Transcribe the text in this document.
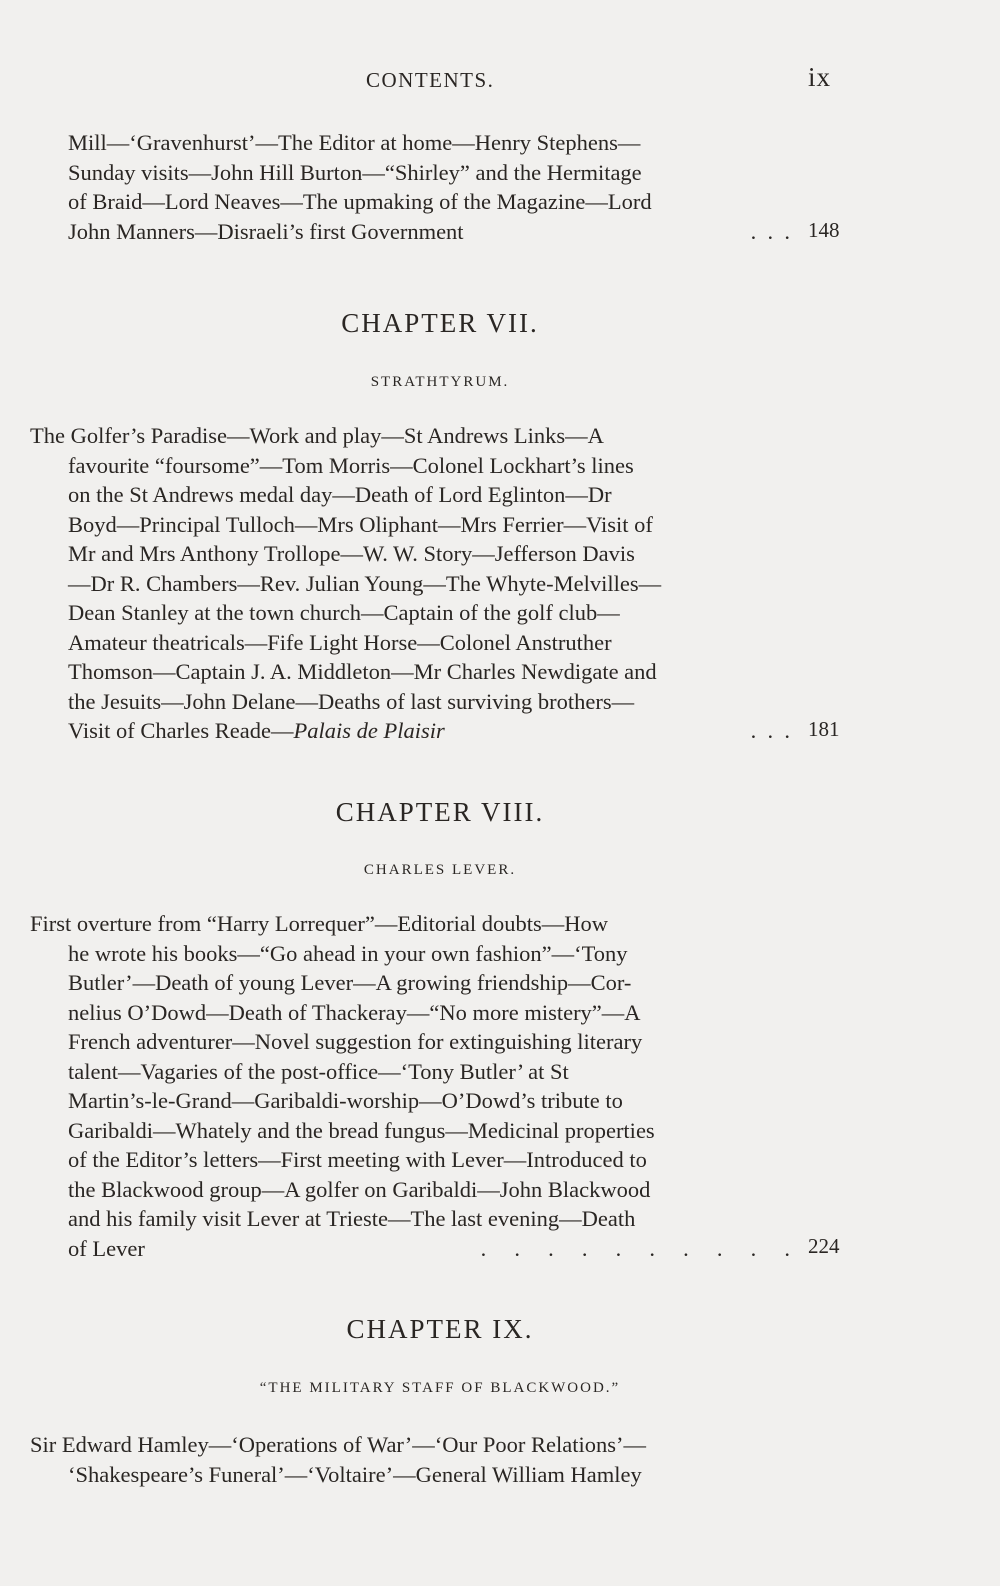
CONTENTS.	ix
Mill—‘Gravenhurst’—The Editor at home—Henry Stephens—
Sunday visits—John Hill Burton—“Shirley” and the Hermitage
of Braid—Lord Neaves—The upmaking of the Magazine—Lord
John Manners—Disraeli’s first Government	.  .  . 148
CHAPTER VII.
STRATHTYRUM.
The Golfer’s Paradise—Work and play—St Andrews Links—A
favourite “foursome”—Tom Morris—Colonel Lockhart’s lines
on the St Andrews medal day—Death of Lord Eglinton—Dr
Boyd—Principal Tulloch—Mrs Oliphant—Mrs Ferrier—Visit of
Mr and Mrs Anthony Trollope—W. W. Story—Jefferson Davis
—Dr R. Chambers—Rev. Julian Young—The Whyte-Melvilles—
Dean Stanley at the town church—Captain of the golf club—
Amateur theatricals—Fife Light Horse—Colonel Anstruther
Thomson—Captain J. A. Middleton—Mr Charles Newdigate and
the Jesuits—John Delane—Deaths of last surviving brothers—
Visit of Charles Reade—Palais de Plaisir	.  .  . 181
CHAPTER VIII.
CHARLES LEVER.
First overture from “Harry Lorrequer”—Editorial doubts—How
he wrote his books—“Go ahead in your own fashion”—‘Tony
Butler’—Death of young Lever—A growing friendship—Cor-
nelius O’Dowd—Death of Thackeray—“No more mistery”—A
French adventurer—Novel suggestion for extinguishing literary
talent—Vagaries of the post-office—‘Tony Butler’ at St
Martin’s-le-Grand—Garibaldi-worship—O’Dowd’s tribute to
Garibaldi—Whately and the bread fungus—Medicinal properties
of the Editor’s letters—First meeting with Lever—Introduced to
the Blackwood group—A golfer on Garibaldi—John Blackwood
and his family visit Lever at Trieste—The last evening—Death
of Lever	.     .     .     .     .     .     .     .     .     . 224
CHAPTER IX.
“THE MILITARY STAFF OF BLACKWOOD.”
Sir Edward Hamley—‘Operations of War’—‘Our Poor Relations’—
‘Shakespeare’s Funeral’—‘Voltaire’—General William Hamley
